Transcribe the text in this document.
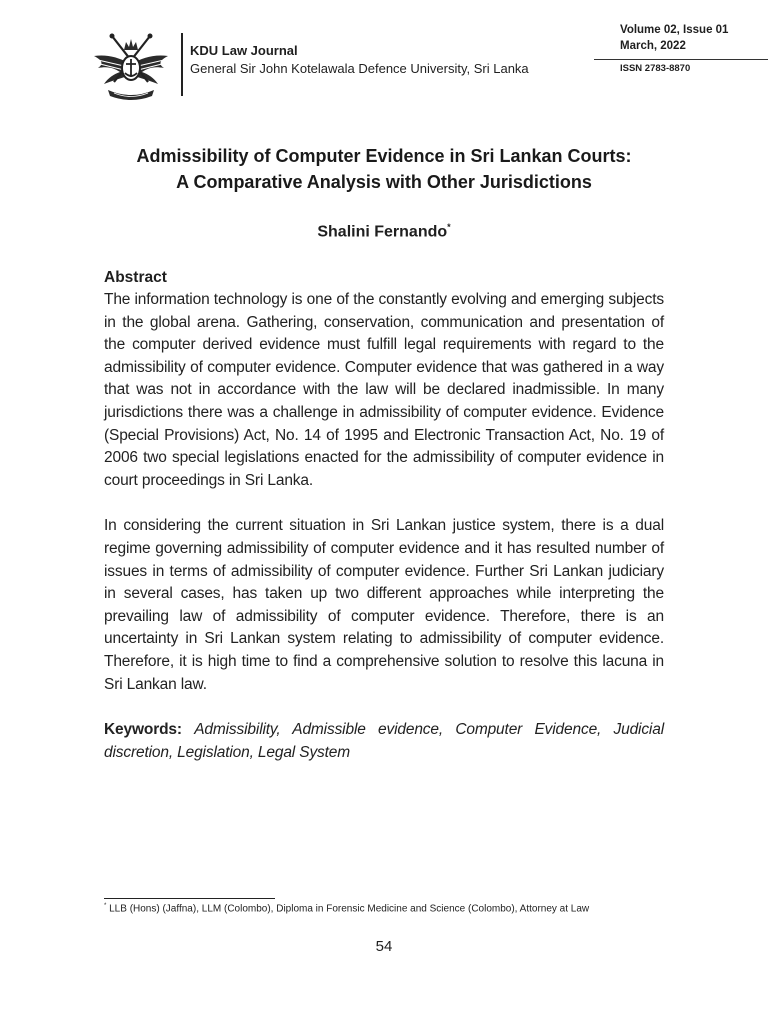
KDU Law Journal
General Sir John Kotelawala Defence University, Sri Lanka
Volume 02, Issue 01
March, 2022
ISSN 2783-8870
Admissibility of Computer Evidence in Sri Lankan Courts:
A Comparative Analysis with Other Jurisdictions
Shalini Fernando*
Abstract

The information technology is one of the constantly evolving and emerging subjects in the global arena. Gathering, conservation, communication and presentation of the computer derived evidence must fulfill legal requirements with regard to the admissibility of computer evidence. Computer evidence that was gathered in a way that was not in accordance with the law will be declared inadmissible. In many jurisdictions there was a challenge in admissibility of computer evidence. Evidence (Special Provisions) Act, No. 14 of 1995 and Electronic Transaction Act, No. 19 of 2006 two special legislations enacted for the admissibility of computer evidence in court proceedings in Sri Lanka.

In considering the current situation in Sri Lankan justice system, there is a dual regime governing admissibility of computer evidence and it has resulted number of issues in terms of admissibility of computer evidence. Further Sri Lankan judiciary in several cases, has taken up two different approaches while interpreting the prevailing law of admissibility of computer evidence. Therefore, there is an uncertainty in Sri Lankan system relating to admissibility of computer evidence. Therefore, it is high time to find a comprehensive solution to resolve this lacuna in Sri Lankan law.

Keywords: Admissibility, Admissible evidence, Computer Evidence, Judicial discretion, Legislation, Legal System

* LLB (Hons) (Jaffna), LLM (Colombo), Diploma in Forensic Medicine and Science (Colombo), Attorney at Law
54
